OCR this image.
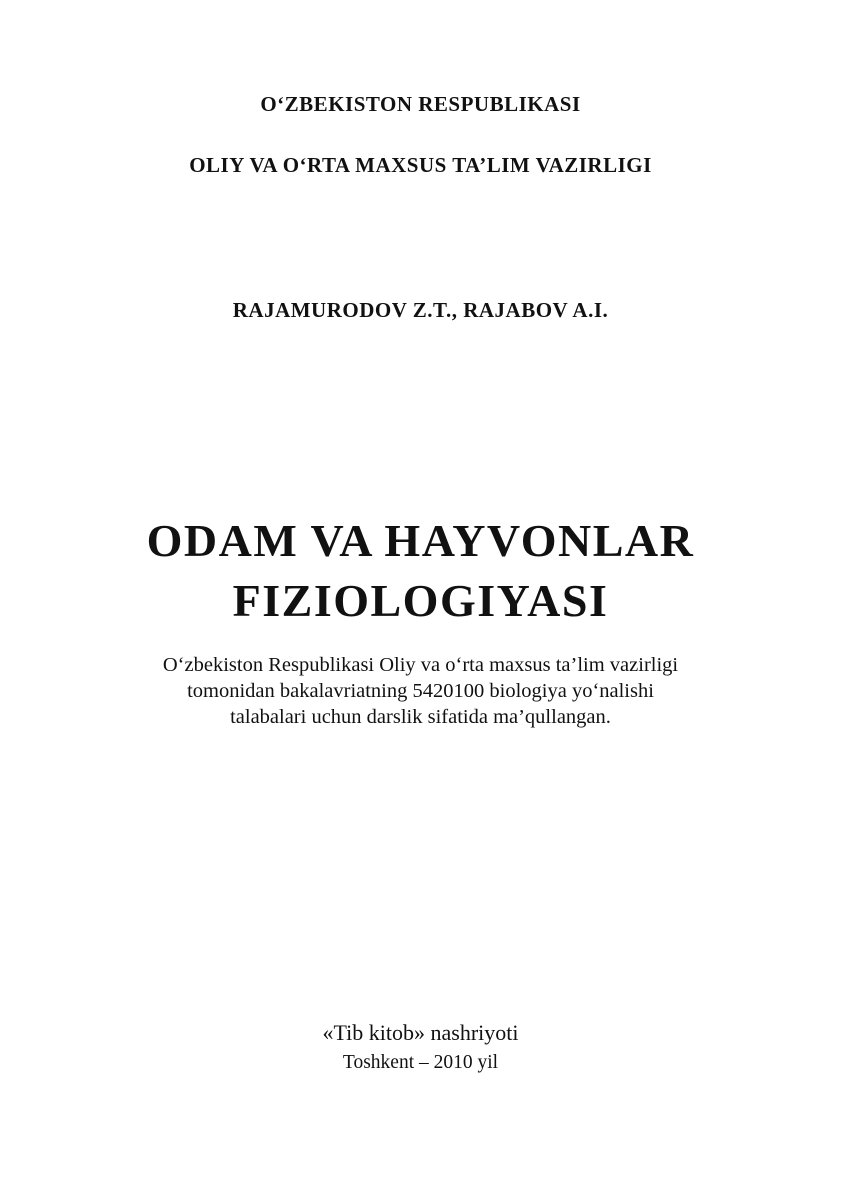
O‘ZBEKISTON RESPUBLIKASI

OLIY VA O‘RTA MAXSUS TA’LIM VAZIRLIGI

RAJAMURODOV Z.T., RAJABOV A.I.

ODAM VA HAYVONLAR

FIZIOLOGIYASI

O‘zbekiston Respublikasi Oliy va o‘rta maxsus ta’lim vazirligi

tomonidan bakalavriatning 5420100 biologiya yo‘nalishi

talabalari uchun darslik sifatida ma’qullangan.

«Tib kitob» nashriyoti

Toshkent – 2010 yil
